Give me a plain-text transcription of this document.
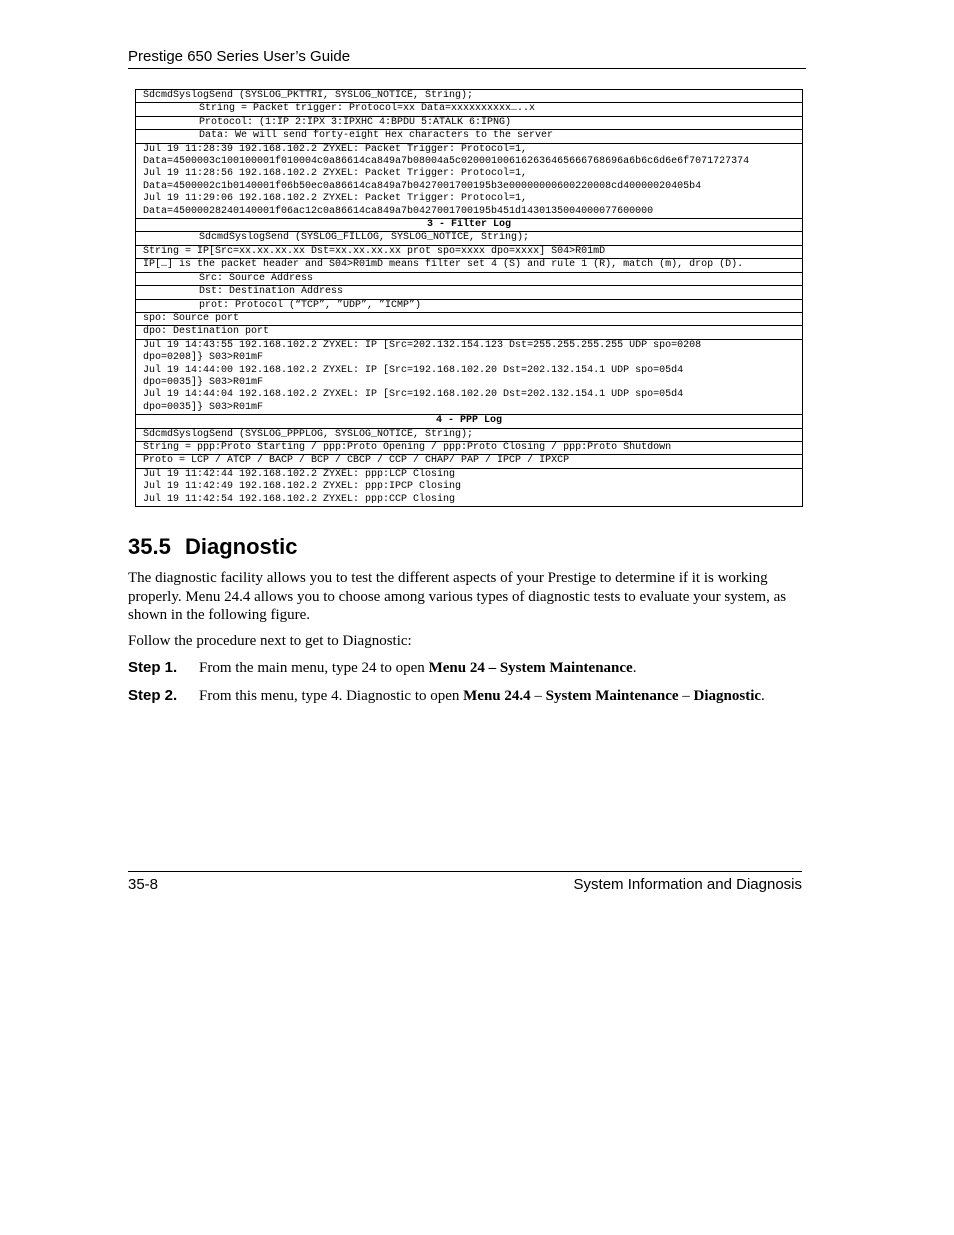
Prestige 650 Series User’s Guide
SdcmdSyslogSend (SYSLOG_PKTTRI, SYSLOG_NOTICE, String);
String = Packet trigger: Protocol=xx Data=xxxxxxxxxx…..x
Protocol: (1:IP 2:IPX 3:IPXHC 4:BPDU 5:ATALK 6:IPNG)
Data: We will send forty-eight Hex characters to the server
Jul 19 11:28:39 192.168.102.2 ZYXEL: Packet Trigger: Protocol=1,
Data=4500003c100100001f010004c0a86614ca849a7b08004a5c020001006162636465666768696a6b6c6d6e6f7071727374
Jul 19 11:28:56 192.168.102.2 ZYXEL: Packet Trigger: Protocol=1,
Data=4500002c1b0140001f06b50ec0a86614ca849a7b0427001700195b3e00000000600220008cd40000020405b4
Jul 19 11:29:06 192.168.102.2 ZYXEL: Packet Trigger: Protocol=1,
Data=45000028240140001f06ac12c0a86614ca849a7b0427001700195b451d1430135004000077600000
3 - Filter Log
SdcmdSyslogSend (SYSLOG_FILLOG, SYSLOG_NOTICE, String);
String = IP[Src=xx.xx.xx.xx Dst=xx.xx.xx.xx prot spo=xxxx dpo=xxxx] S04>R01mD
IP[…] is the packet header and S04>R01mD means filter set 4 (S) and rule 1 (R), match (m), drop (D).
Src: Source Address
Dst: Destination Address
prot: Protocol (“TCP”, ”UDP”, ”ICMP”)
spo: Source port
dpo: Destination port
Jul 19 14:43:55 192.168.102.2 ZYXEL: IP [Src=202.132.154.123 Dst=255.255.255.255 UDP spo=0208
dpo=0208]} S03>R01mF
Jul 19 14:44:00 192.168.102.2 ZYXEL: IP [Src=192.168.102.20 Dst=202.132.154.1 UDP spo=05d4
dpo=0035]} S03>R01mF
Jul 19 14:44:04 192.168.102.2 ZYXEL: IP [Src=192.168.102.20 Dst=202.132.154.1 UDP spo=05d4
dpo=0035]} S03>R01mF
4 - PPP Log
SdcmdSyslogSend (SYSLOG_PPPLOG, SYSLOG_NOTICE, String);
String = ppp:Proto Starting / ppp:Proto Opening / ppp:Proto Closing / ppp:Proto Shutdown
Proto = LCP / ATCP / BACP / BCP / CBCP / CCP / CHAP/ PAP / IPCP / IPXCP
Jul 19 11:42:44 192.168.102.2 ZYXEL: ppp:LCP Closing
Jul 19 11:42:49 192.168.102.2 ZYXEL: ppp:IPCP Closing
Jul 19 11:42:54 192.168.102.2 ZYXEL: ppp:CCP Closing
35.5 Diagnostic

The diagnostic facility allows you to test the different aspects of your Prestige to determine if it is working properly. Menu 24.4 allows you to choose among various types of diagnostic tests to evaluate your system, as shown in the following figure.

Follow the procedure next to get to Diagnostic:

Step 1. From the main menu, type 24 to open Menu 24 – System Maintenance.
Step 2. From this menu, type 4. Diagnostic to open Menu 24.4 – System Maintenance – Diagnostic.
35-8	System Information and Diagnosis
